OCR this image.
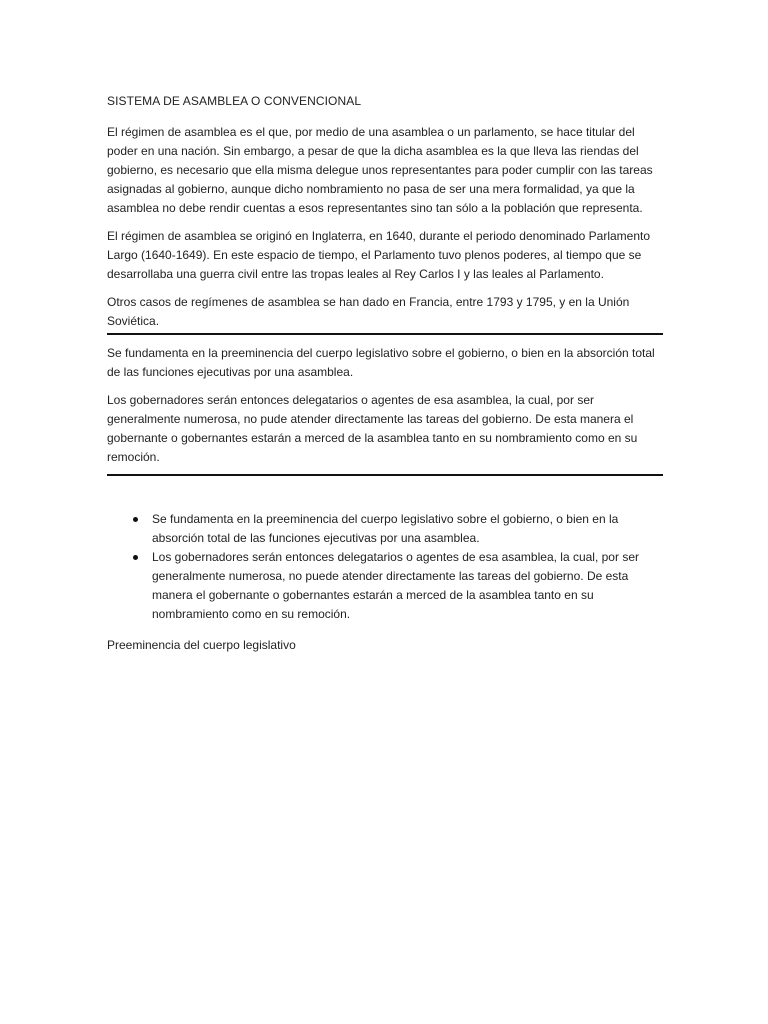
SISTEMA DE ASAMBLEA O CONVENCIONAL

El régimen de asamblea es el que, por medio de una asamblea o un parlamento, se hace titular del poder en una nación. Sin embargo, a pesar de que la dicha asamblea es la que lleva las riendas del gobierno, es necesario que ella misma delegue unos representantes para poder cumplir con las tareas asignadas al gobierno, aunque dicho nombramiento no pasa de ser una mera formalidad, ya que la asamblea no debe rendir cuentas a esos representantes sino tan sólo a la población que representa.

El régimen de asamblea se originó en Inglaterra, en 1640, durante el periodo denominado Parlamento Largo (1640-1649). En este espacio de tiempo, el Parlamento tuvo plenos poderes, al tiempo que se desarrollaba una guerra civil entre las tropas leales al Rey Carlos I y las leales al Parlamento.

Otros casos de regímenes de asamblea se han dado en Francia, entre 1793 y 1795, y en la Unión Soviética.

Se fundamenta en la preeminencia del cuerpo legislativo sobre el gobierno, o bien en la absorción total de las funciones ejecutivas por una asamblea.

Los gobernadores serán entonces delegatarios o agentes de esa asamblea, la cual, por ser generalmente numerosa, no pude atender directamente las tareas del gobierno. De esta manera el gobernante o gobernantes estarán a merced de la asamblea tanto en su nombramiento como en su remoción.

Se fundamenta en la preeminencia del cuerpo legislativo sobre el gobierno, o bien en la absorción total de las funciones ejecutivas por una asamblea.
Los gobernadores serán entonces delegatarios o agentes de esa asamblea, la cual, por ser generalmente numerosa, no puede atender directamente las tareas del gobierno. De esta manera el gobernante o gobernantes estarán a merced de la asamblea tanto en su nombramiento como en su remoción.
Preeminencia del cuerpo legislativo
